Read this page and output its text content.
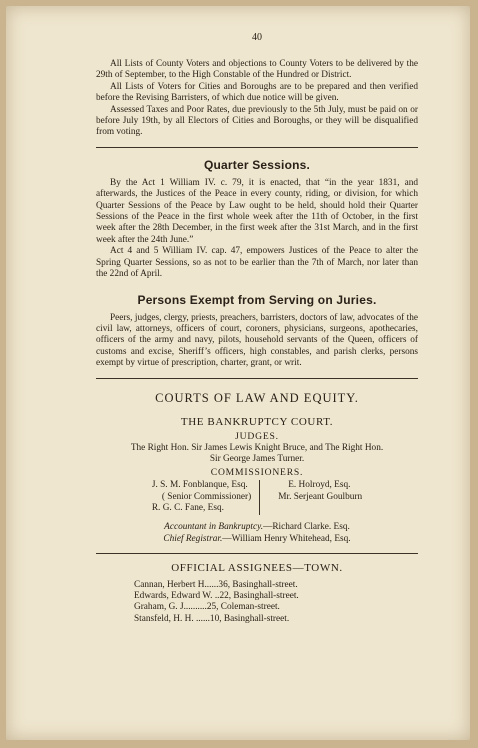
40

All Lists of County Voters and objections to County Voters to be delivered by the 29th of September, to the High Constable of the Hundred or District.

All Lists of Voters for Cities and Boroughs are to be prepared and then verified before the Revising Barristers, of which due notice will be given.

Assessed Taxes and Poor Rates, due previously to the 5th July, must be paid on or before July 19th, by all Electors of Cities and Boroughs, or they will be disqualified from voting.

Quarter Sessions.

By the Act 1 William IV. c. 79, it is enacted, that “in the year 1831, and afterwards, the Justices of the Peace in every county, riding, or division, for which Quarter Sessions of the Peace by Law ought to be held, should hold their Quarter Sessions of the Peace in the first whole week after the 11th of October, in the first week after the 28th December, in the first week after the 31st March, and in the first week after the 24th June.”

Act 4 and 5 William IV. cap. 47, empowers Justices of the Peace to alter the Spring Quarter Sessions, so as not to be earlier than the 7th of March, nor later than the 22nd of April.

Persons Exempt from Serving on Juries.

Peers, judges, clergy, priests, preachers, barristers, doctors of law, advocates of the civil law, attorneys, officers of court, coroners, physicians, surgeons, apothecaries, officers of the army and navy, pilots, household servants of the Queen, officers of customs and excise, Sheriff’s officers, high constables, and parish clerks, persons exempt by virtue of prescription, charter, grant, or writ.

COURTS OF LAW AND EQUITY.
THE BANKRUPTCY COURT.
JUDGES.
The Right Hon. Sir James Lewis Knight Bruce, and The Right Hon.
Sir George James Turner.
COMMISSIONERS.
J. S. M. Fonblanque, Esq.
( Senior Commissioner)
R. G. C. Fane, Esq.
E. Holroyd, Esq.
Mr. Serjeant Goulburn
Accountant in Bankruptcy.—Richard Clarke. Esq.
Chief Registrar.—William Henry Whitehead, Esq.
OFFICIAL ASSIGNEES—TOWN.
Cannan, Herbert H......36, Basinghall-street.
Edwards, Edward W. ..22, Basinghall-street.
Graham, G. J..........25, Coleman-street.
Stansfeld, H. H. ......10, Basinghall-street.
